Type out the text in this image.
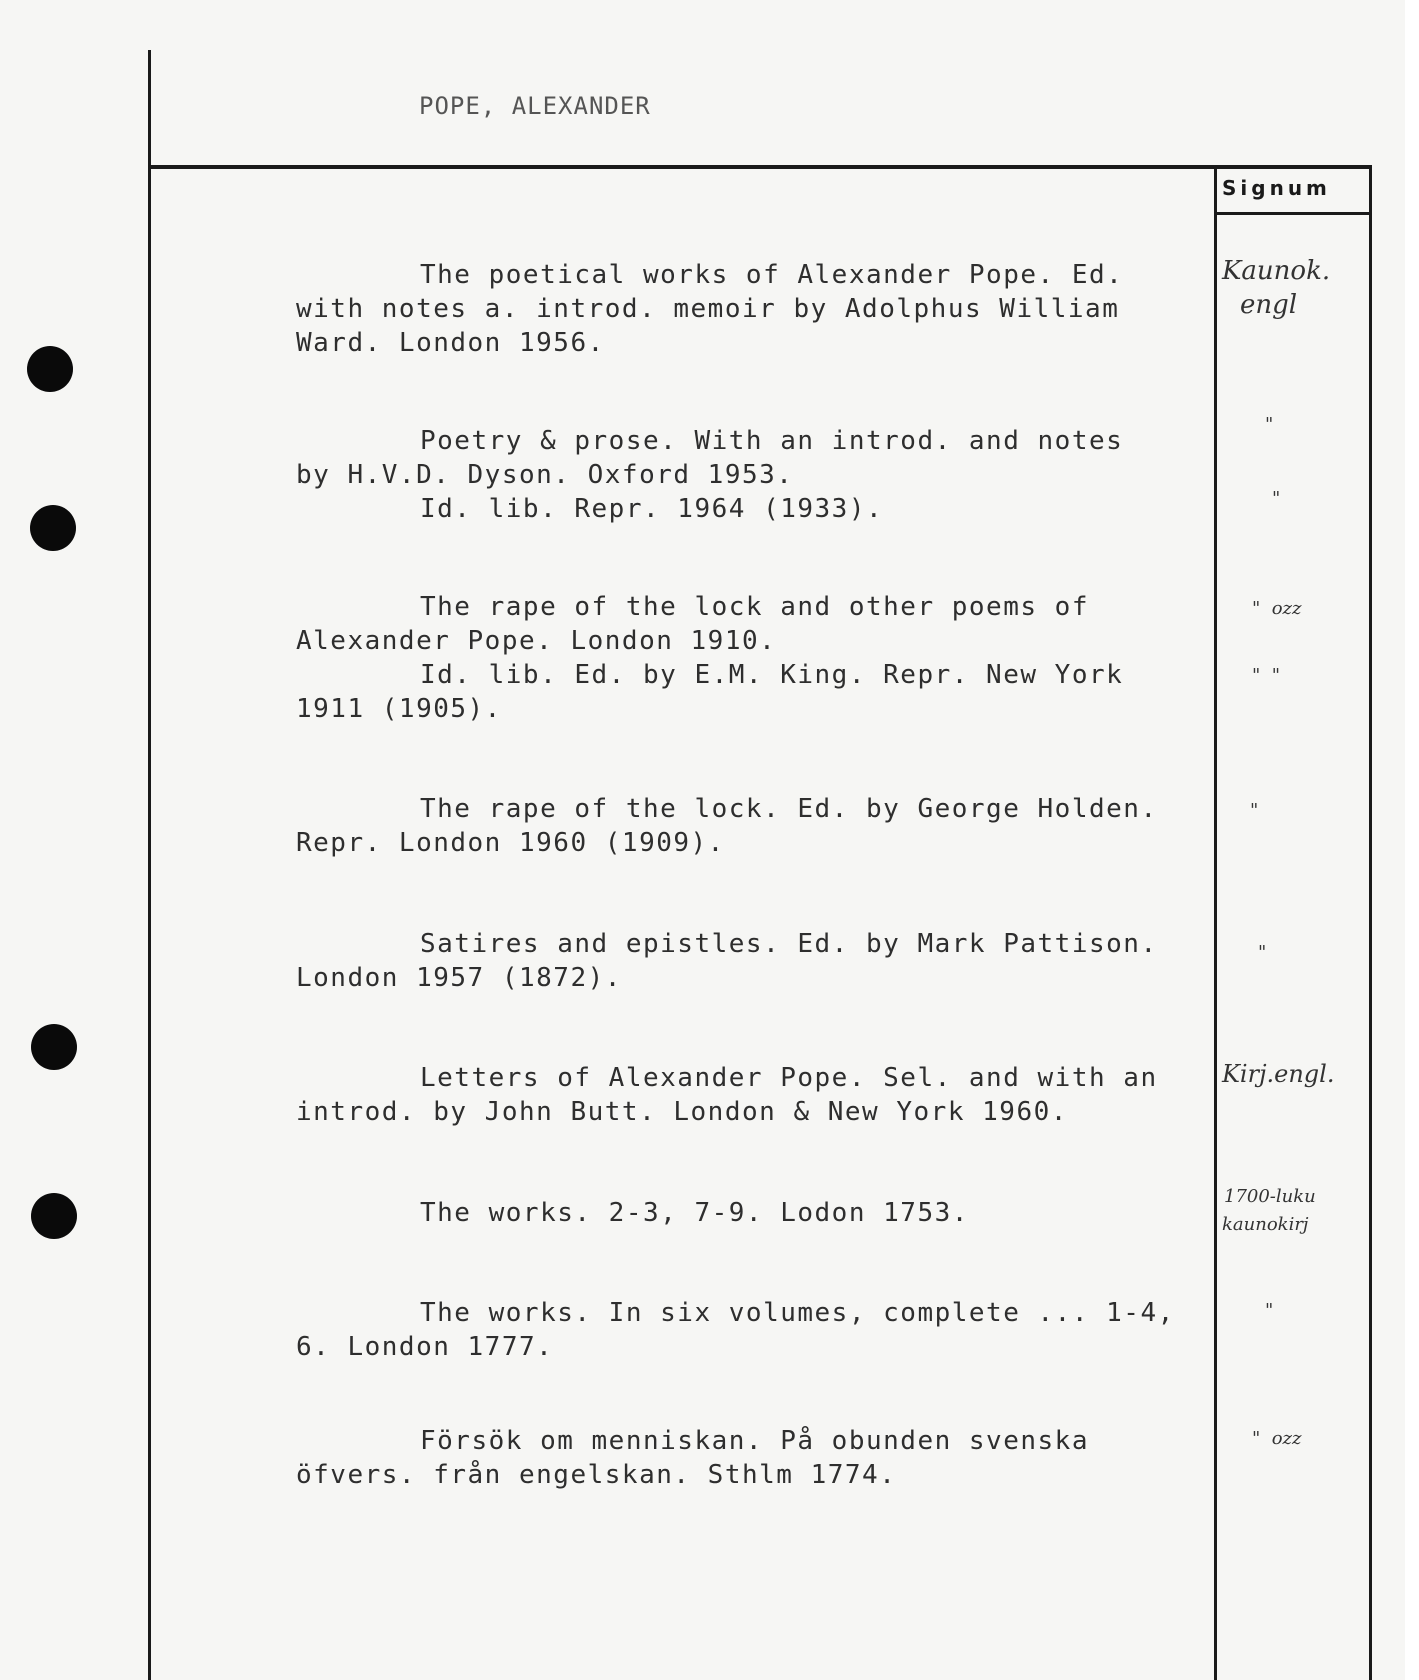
POPE, ALEXANDER
Signum
The poetical works of Alexander Pope. Ed.
with notes a. introd. memoir by Adolphus William
Ward. London 1956.
Kaunok.
engl
Poetry & prose. With an introd. and notes
by H.V.D. Dyson. Oxford 1953.
Id. lib. Repr. 1964 (1933).
"
"
The rape of the lock and other poems of
Alexander Pope. London 1910.
Id. lib. Ed. by E.M. King. Repr. New York
1911 (1905).
"  ozz
"  "
The rape of the lock. Ed. by George Holden.
Repr. London 1960 (1909).
"
Satires and epistles. Ed. by Mark Pattison.
London 1957 (1872).
"
Letters of Alexander Pope. Sel. and with an
introd. by John Butt. London & New York 1960.
Kirj.engl.
The works. 2-3, 7-9. Lodon 1753.
1700-luku
kaunokirj
The works. In six volumes, complete ... 1-4,
6. London 1777.
"
Försök om menniskan. På obunden svenska
öfvers. från engelskan. Sthlm 1774.
"  ozz
